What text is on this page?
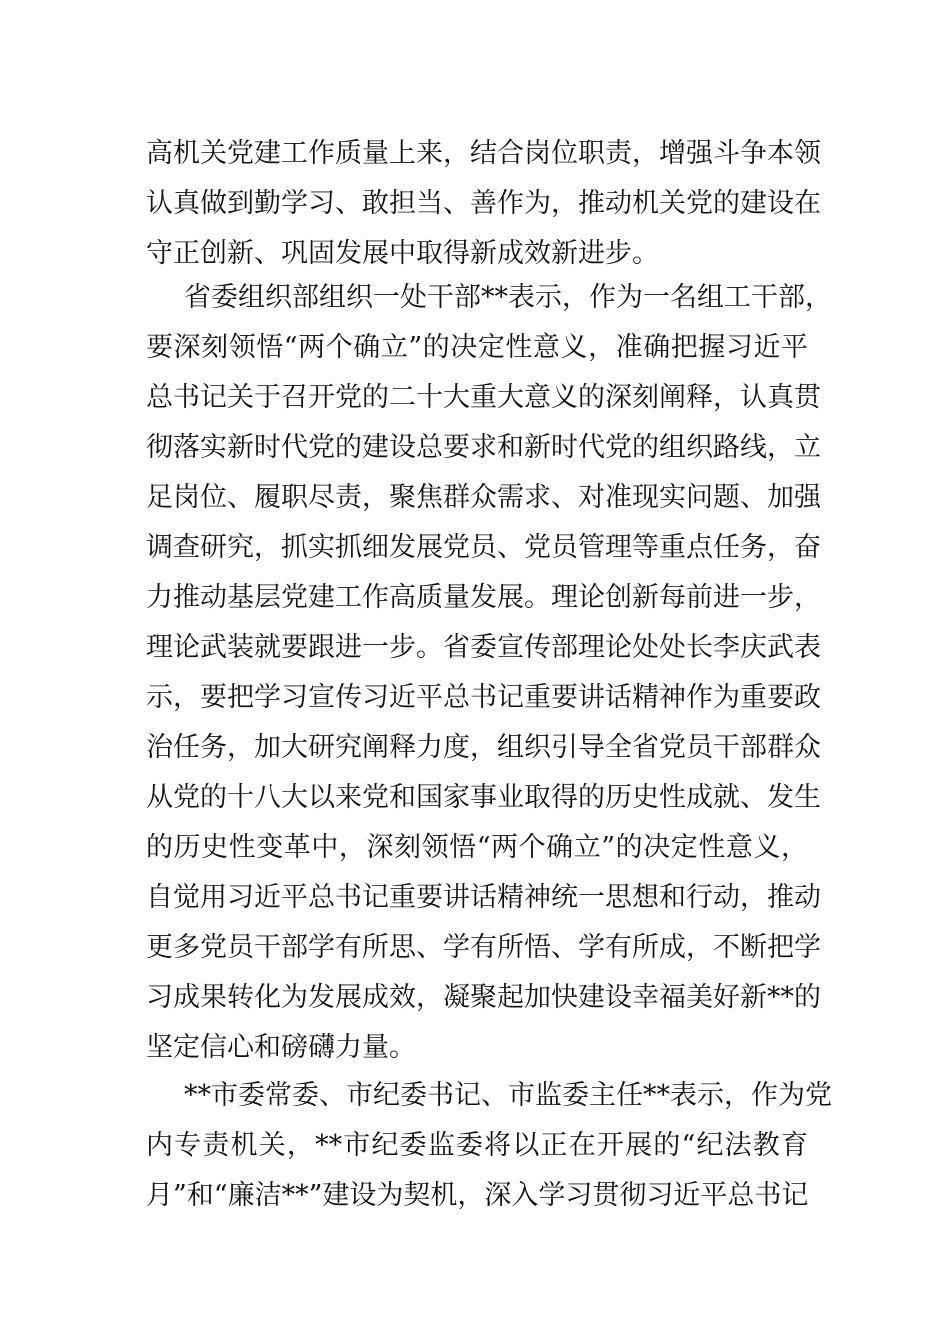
高机关党建工作质量上来，结合岗位职责，增强斗争本领
认真做到勤学习、敢担当、善作为，推动机关党的建设在
守正创新、巩固发展中取得新成效新进步。
省委组织部组织一处干部**表示，作为一名组工干部，
要深刻领悟“两个确立”的决定性意义，准确把握习近平
总书记关于召开党的二十大重大意义的深刻阐释，认真贯
彻落实新时代党的建设总要求和新时代党的组织路线，立
足岗位、履职尽责，聚焦群众需求、对准现实问题、加强
调查研究，抓实抓细发展党员、党员管理等重点任务，奋
力推动基层党建工作高质量发展。理论创新每前进一步，
理论武装就要跟进一步。省委宣传部理论处处长李庆武表
示，要把学习宣传习近平总书记重要讲话精神作为重要政
治任务，加大研究阐释力度，组织引导全省党员干部群众
从党的十八大以来党和国家事业取得的历史性成就、发生
的历史性变革中，深刻领悟“两个确立”的决定性意义，
自觉用习近平总书记重要讲话精神统一思想和行动，推动
更多党员干部学有所思、学有所悟、学有所成，不断把学
习成果转化为发展成效，凝聚起加快建设幸福美好新**的
坚定信心和磅礴力量。
**市委常委、市纪委书记、市监委主任**表示，作为党
内专责机关，**市纪委监委将以正在开展的“纪法教育
月”和“廉洁**”建设为契机，深入学习贯彻习近平总书记
